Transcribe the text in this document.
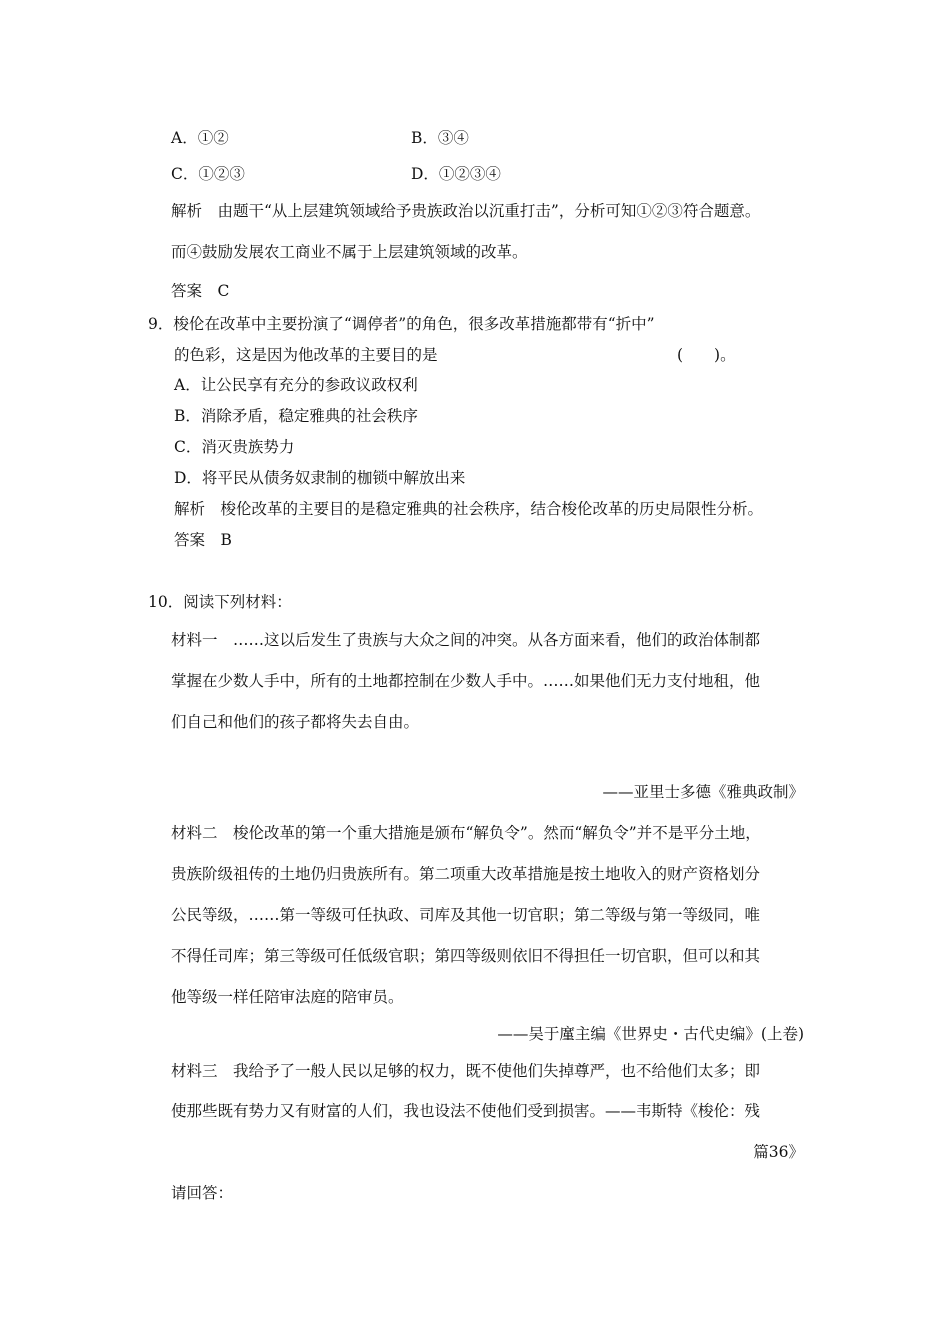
A．①②	B．③④
C．①②③	D．①②③④
解析　由题干“从上层建筑领域给予贵族政治以沉重打击”，分析可知①②③符合题意。
而④鼓励发展农工商业不属于上层建筑领域的改革。
答案　C
9．梭伦在改革中主要扮演了“调停者”的角色，很多改革措施都带有“折中”
的色彩，这是因为他改革的主要目的是	(　　)。
A．让公民享有充分的参政议政权利
B．消除矛盾，稳定雅典的社会秩序
C．消灭贵族势力
D．将平民从债务奴隶制的枷锁中解放出来
解析　梭伦改革的主要目的是稳定雅典的社会秩序，结合梭伦改革的历史局限性分析。
答案　B
10．阅读下列材料：
材料一　……这以后发生了贵族与大众之间的冲突。从各方面来看，他们的政治体制都
掌握在少数人手中，所有的土地都控制在少数人手中。……如果他们无力支付地租，他
们自己和他们的孩子都将失去自由。
——亚里士多德《雅典政制》
材料二　梭伦改革的第一个重大措施是颁布“解负令”。然而“解负令”并不是平分土地，
贵族阶级祖传的土地仍归贵族所有。第二项重大改革措施是按土地收入的财产资格划分
公民等级，……第一等级可任执政、司库及其他一切官职；第二等级与第一等级同，唯
不得任司库；第三等级可任低级官职；第四等级则依旧不得担任一切官职，但可以和其
他等级一样任陪审法庭的陪审员。
——吴于廑主编《世界史・古代史编》(上卷)
材料三　我给予了一般人民以足够的权力，既不使他们失掉尊严，也不给他们太多；即
使那些既有势力又有财富的人们，我也设法不使他们受到损害。——韦斯特《梭伦：残
篇36》
请回答：
